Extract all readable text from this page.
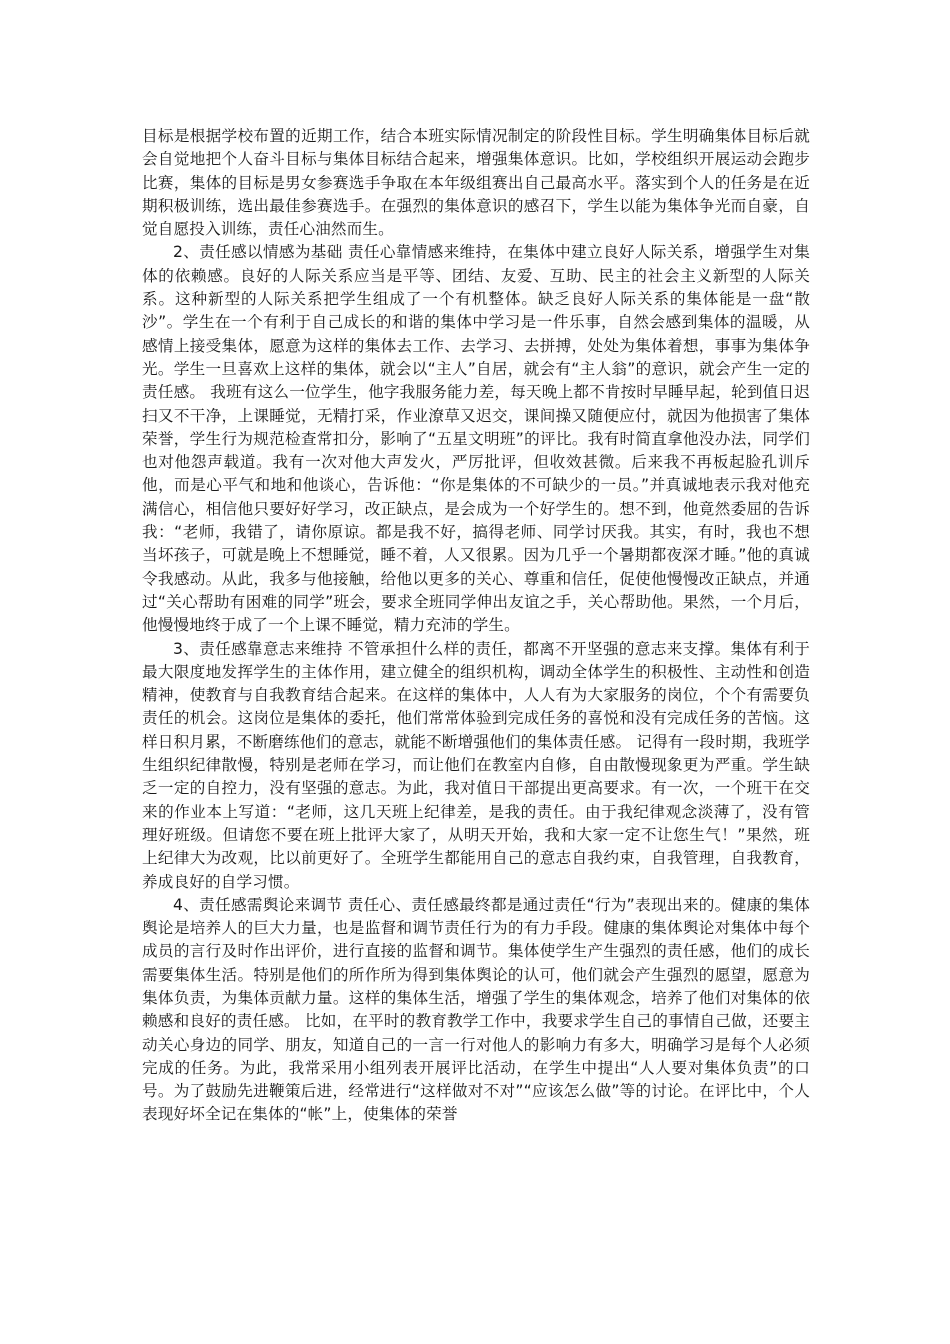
目标是根据学校布置的近期工作，结合本班实际情况制定的阶段性目标。学生明确集体目标后就会自觉地把个人奋斗目标与集体目标结合起来，增强集体意识。比如，学校组织开展运动会跑步比赛，集体的目标是男女参赛选手争取在本年级组赛出自己最高水平。落实到个人的任务是在近期积极训练，选出最佳参赛选手。在强烈的集体意识的感召下，学生以能为集体争光而自豪，自觉自愿投入训练，责任心油然而生。

2、责任感以情感为基础 责任心靠情感来维持，在集体中建立良好人际关系，增强学生对集体的依赖感。良好的人际关系应当是平等、团结、友爱、互助、民主的社会主义新型的人际关系。这种新型的人际关系把学生组成了一个有机整体。缺乏良好人际关系的集体能是一盘“散沙”。学生在一个有利于自己成长的和谐的集体中学习是一件乐事，自然会感到集体的温暖，从感情上接受集体，愿意为这样的集体去工作、去学习、去拼搏，处处为集体着想，事事为集体争光。学生一旦喜欢上这样的集体，就会以“主人”自居，就会有“主人翁”的意识，就会产生一定的责任感。 我班有这么一位学生，他字我服务能力差，每天晚上都不肯按时早睡早起，轮到值日迟扫又不干净，上课睡觉，无精打采，作业潦草又迟交，课间操又随便应付，就因为他损害了集体荣誉，学生行为规范检查常扣分，影响了“五星文明班”的评比。我有时简直拿他没办法，同学们也对他怨声载道。我有一次对他大声发火，严厉批评，但收效甚微。后来我不再板起脸孔训斥他，而是心平气和地和他谈心，告诉他：“你是集体的不可缺少的一员。”并真诚地表示我对他充满信心，相信他只要好好学习，改正缺点，是会成为一个好学生的。想不到，他竟然委屈的告诉我：“老师，我错了，请你原谅。都是我不好，搞得老师、同学讨厌我。其实，有时，我也不想当坏孩子，可就是晚上不想睡觉，睡不着，人又很累。因为几乎一个暑期都夜深才睡。”他的真诚令我感动。从此，我多与他接触，给他以更多的关心、尊重和信任，促使他慢慢改正缺点，并通过“关心帮助有困难的同学”班会，要求全班同学伸出友谊之手，关心帮助他。果然，一个月后，他慢慢地终于成了一个上课不睡觉，精力充沛的学生。

3、责任感靠意志来维持 不管承担什么样的责任，都离不开坚强的意志来支撑。集体有利于最大限度地发挥学生的主体作用，建立健全的组织机构，调动全体学生的积极性、主动性和创造精神，使教育与自我教育结合起来。在这样的集体中，人人有为大家服务的岗位，个个有需要负责任的机会。这岗位是集体的委托，他们常常体验到完成任务的喜悦和没有完成任务的苦恼。这样日积月累，不断磨练他们的意志，就能不断增强他们的集体责任感。 记得有一段时期，我班学生组织纪律散慢，特别是老师在学习，而让他们在教室内自修，自由散慢现象更为严重。学生缺乏一定的自控力，没有坚强的意志。为此，我对值日干部提出更高要求。有一次，一个班干在交来的作业本上写道：“老师，这几天班上纪律差，是我的责任。由于我纪律观念淡薄了，没有管理好班级。但请您不要在班上批评大家了，从明天开始，我和大家一定不让您生气！”果然，班上纪律大为改观，比以前更好了。全班学生都能用自己的意志自我约束，自我管理，自我教育，养成良好的自学习惯。

4、责任感需舆论来调节 责任心、责任感最终都是通过责任“行为”表现出来的。健康的集体舆论是培养人的巨大力量，也是监督和调节责任行为的有力手段。健康的集体舆论对集体中每个成员的言行及时作出评价，进行直接的监督和调节。集体使学生产生强烈的责任感，他们的成长需要集体生活。特别是他们的所作所为得到集体舆论的认可，他们就会产生强烈的愿望，愿意为集体负责，为集体贡献力量。这样的集体生活，增强了学生的集体观念，培养了他们对集体的依赖感和良好的责任感。 比如，在平时的教育教学工作中，我要求学生自己的事情自己做，还要主动关心身边的同学、朋友，知道自己的一言一行对他人的影响力有多大，明确学习是每个人必须完成的任务。为此，我常采用小组列表开展评比活动，在学生中提出“人人要对集体负责”的口号。为了鼓励先进鞭策后进，经常进行“这样做对不对”“应该怎么做”等的讨论。在评比中，个人表现好坏全记在集体的“帐”上，使集体的荣誉
